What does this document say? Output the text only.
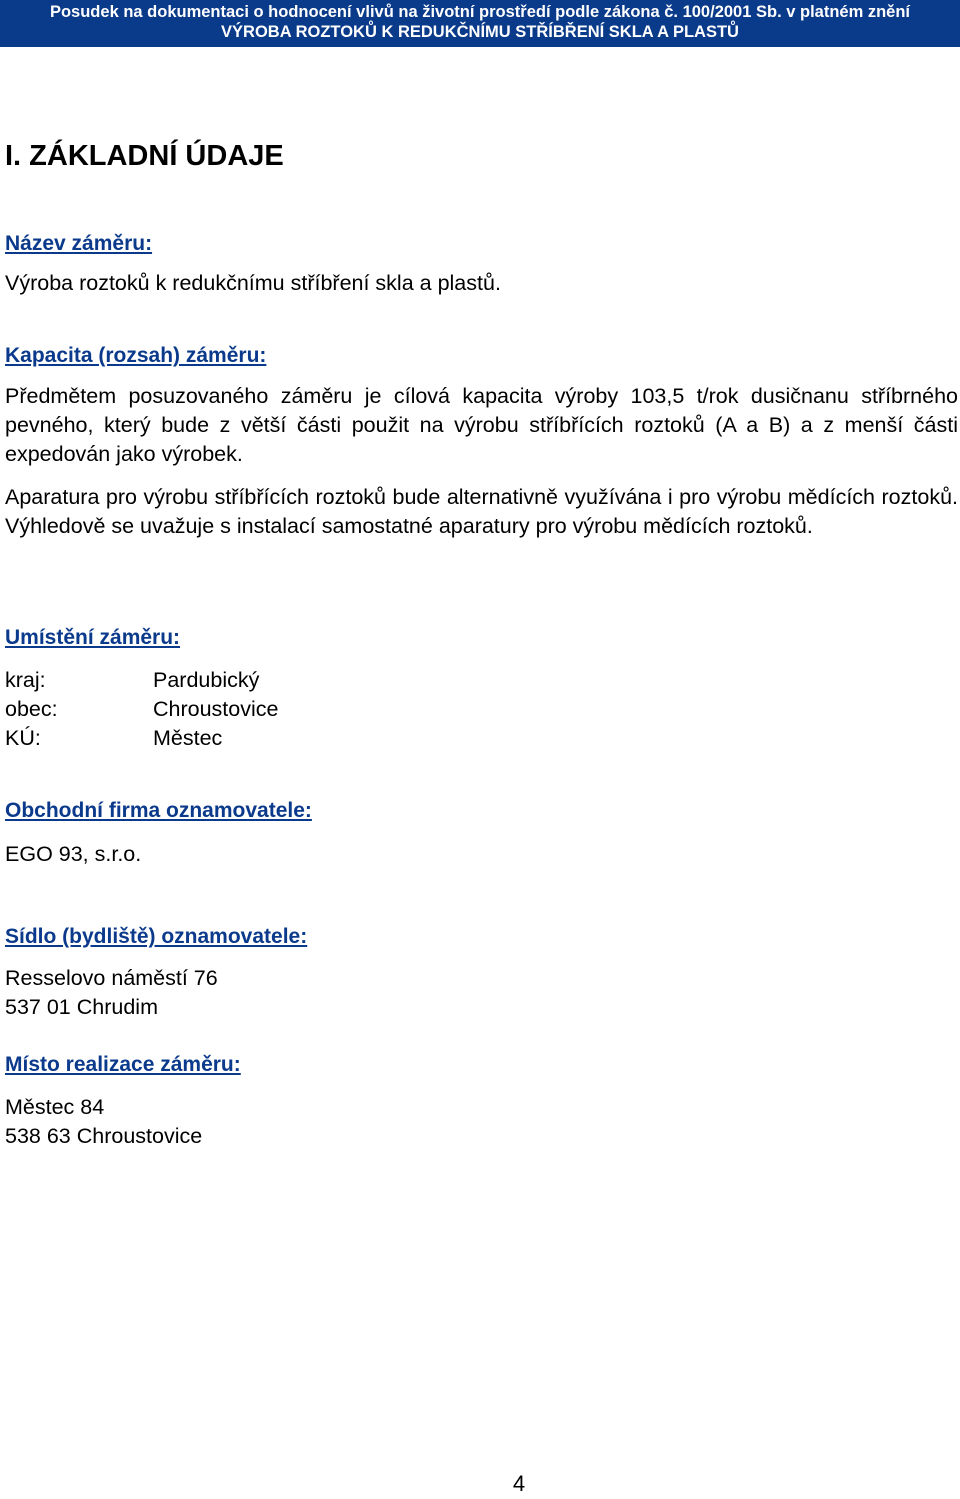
Posudek na dokumentaci o hodnocení vlivů na životní prostředí podle zákona č. 100/2001 Sb. v platném znění
VÝROBA ROZTOKŮ K REDUKČNÍMU STŘÍBŘENÍ SKLA A PLASTŮ
I. ZÁKLADNÍ ÚDAJE
Název záměru:
Výroba roztoků k redukčnímu stříbření skla a plastů.
Kapacita (rozsah) záměru:
Předmětem posuzovaného záměru je cílová kapacita výroby 103,5 t/rok dusičnanu stříbrného pevného, který bude z větší části použit na výrobu stříbřících roztoků (A a B) a z menší části expedován jako výrobek.
Aparatura pro výrobu stříbřících roztoků bude alternativně využívána i pro výrobu mědících roztoků. Výhledově se uvažuje s instalací samostatné aparatury pro výrobu mědících roztoků.
Umístění záměru:
kraj:	Pardubický
obec:	Chroustovice
KÚ:	Městec
Obchodní firma oznamovatele:
EGO 93, s.r.o.
Sídlo (bydliště) oznamovatele:
Resselovo náměstí 76
537 01 Chrudim
Místo realizace záměru:
Městec 84
538 63 Chroustovice
4
